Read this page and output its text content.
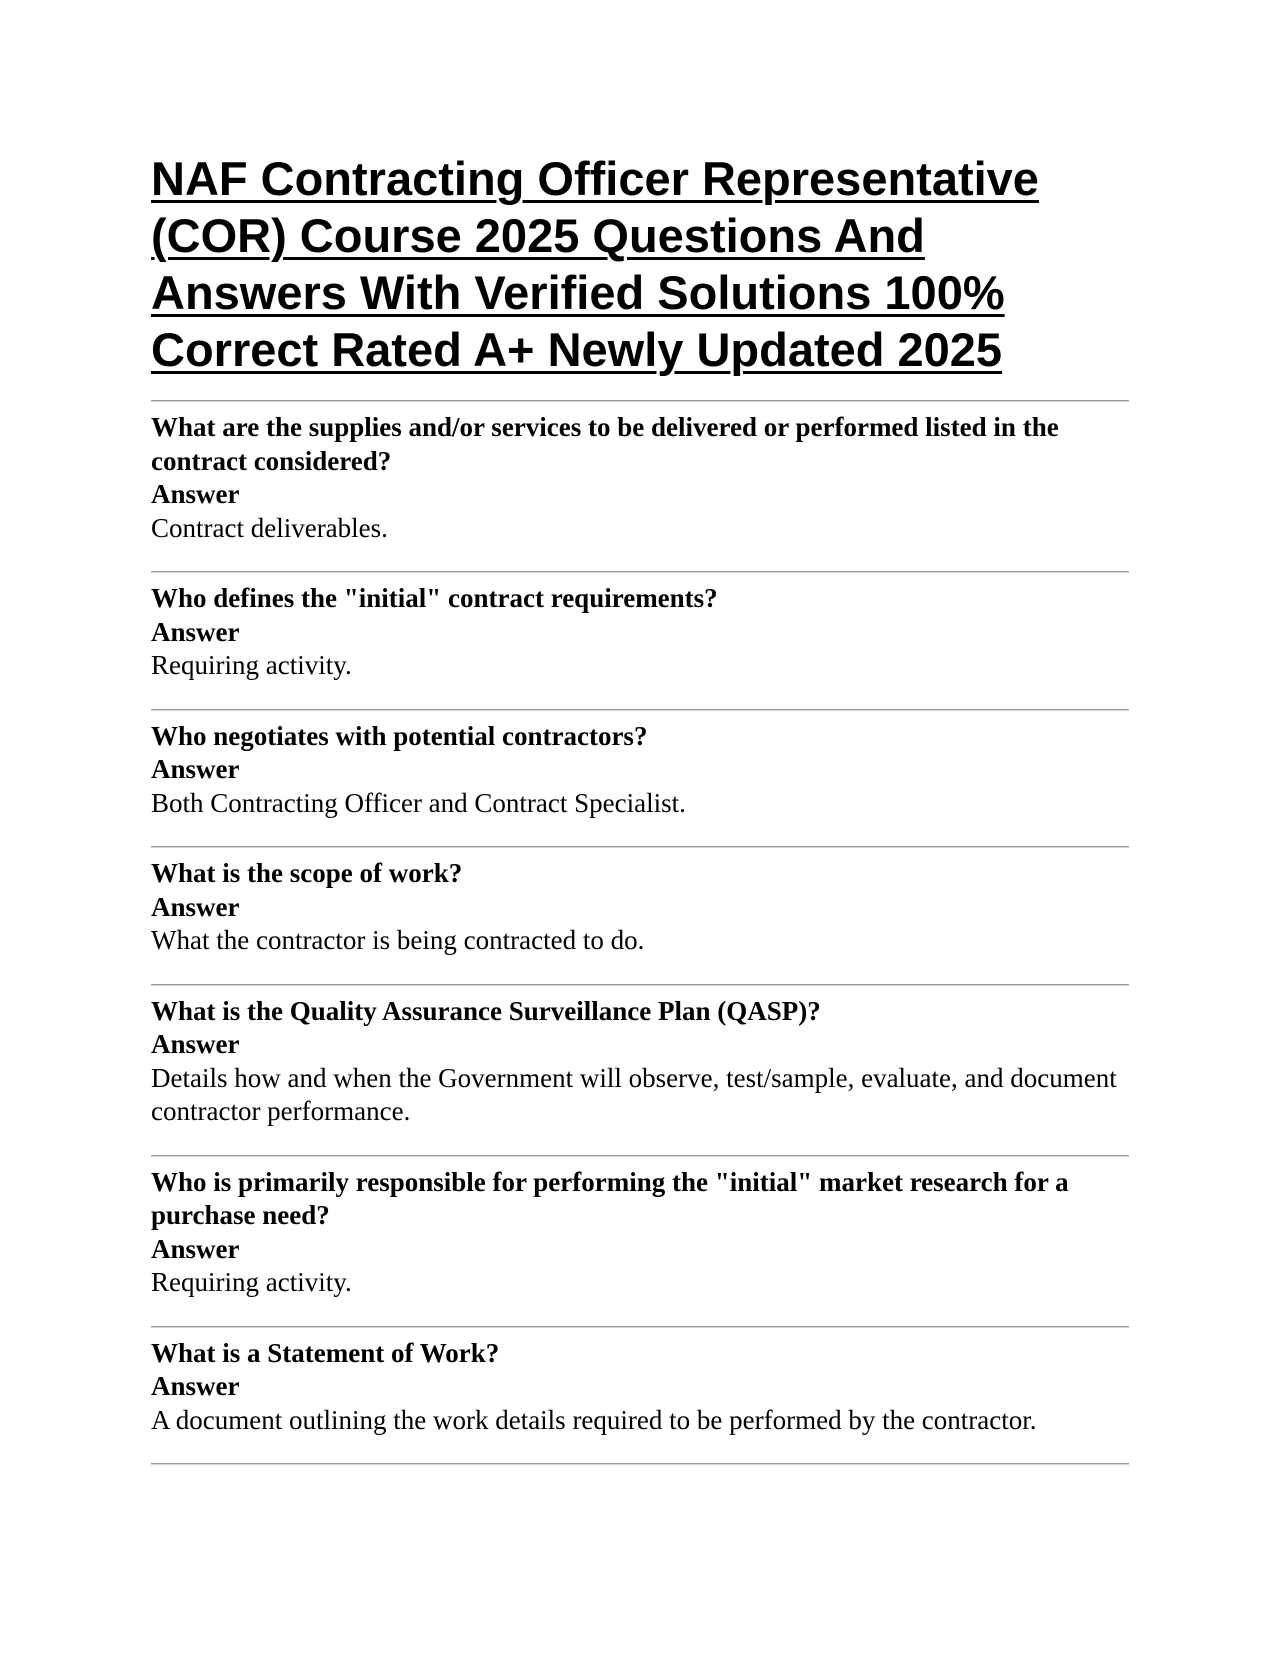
NAF Contracting Officer Representative (COR) Course 2025 Questions And Answers With Verified Solutions 100% Correct Rated A+ Newly Updated 2025

What are the supplies and/or services to be delivered or performed listed in the contract considered?

Answer

Contract deliverables.

Who defines the "initial" contract requirements?

Answer

Requiring activity.

Who negotiates with potential contractors?

Answer

Both Contracting Officer and Contract Specialist.

What is the scope of work?

Answer

What the contractor is being contracted to do.

What is the Quality Assurance Surveillance Plan (QASP)?

Answer

Details how and when the Government will observe, test/sample, evaluate, and document contractor performance.

Who is primarily responsible for performing the "initial" market research for a purchase need?

Answer

Requiring activity.

What is a Statement of Work?

Answer

A document outlining the work details required to be performed by the contractor.
